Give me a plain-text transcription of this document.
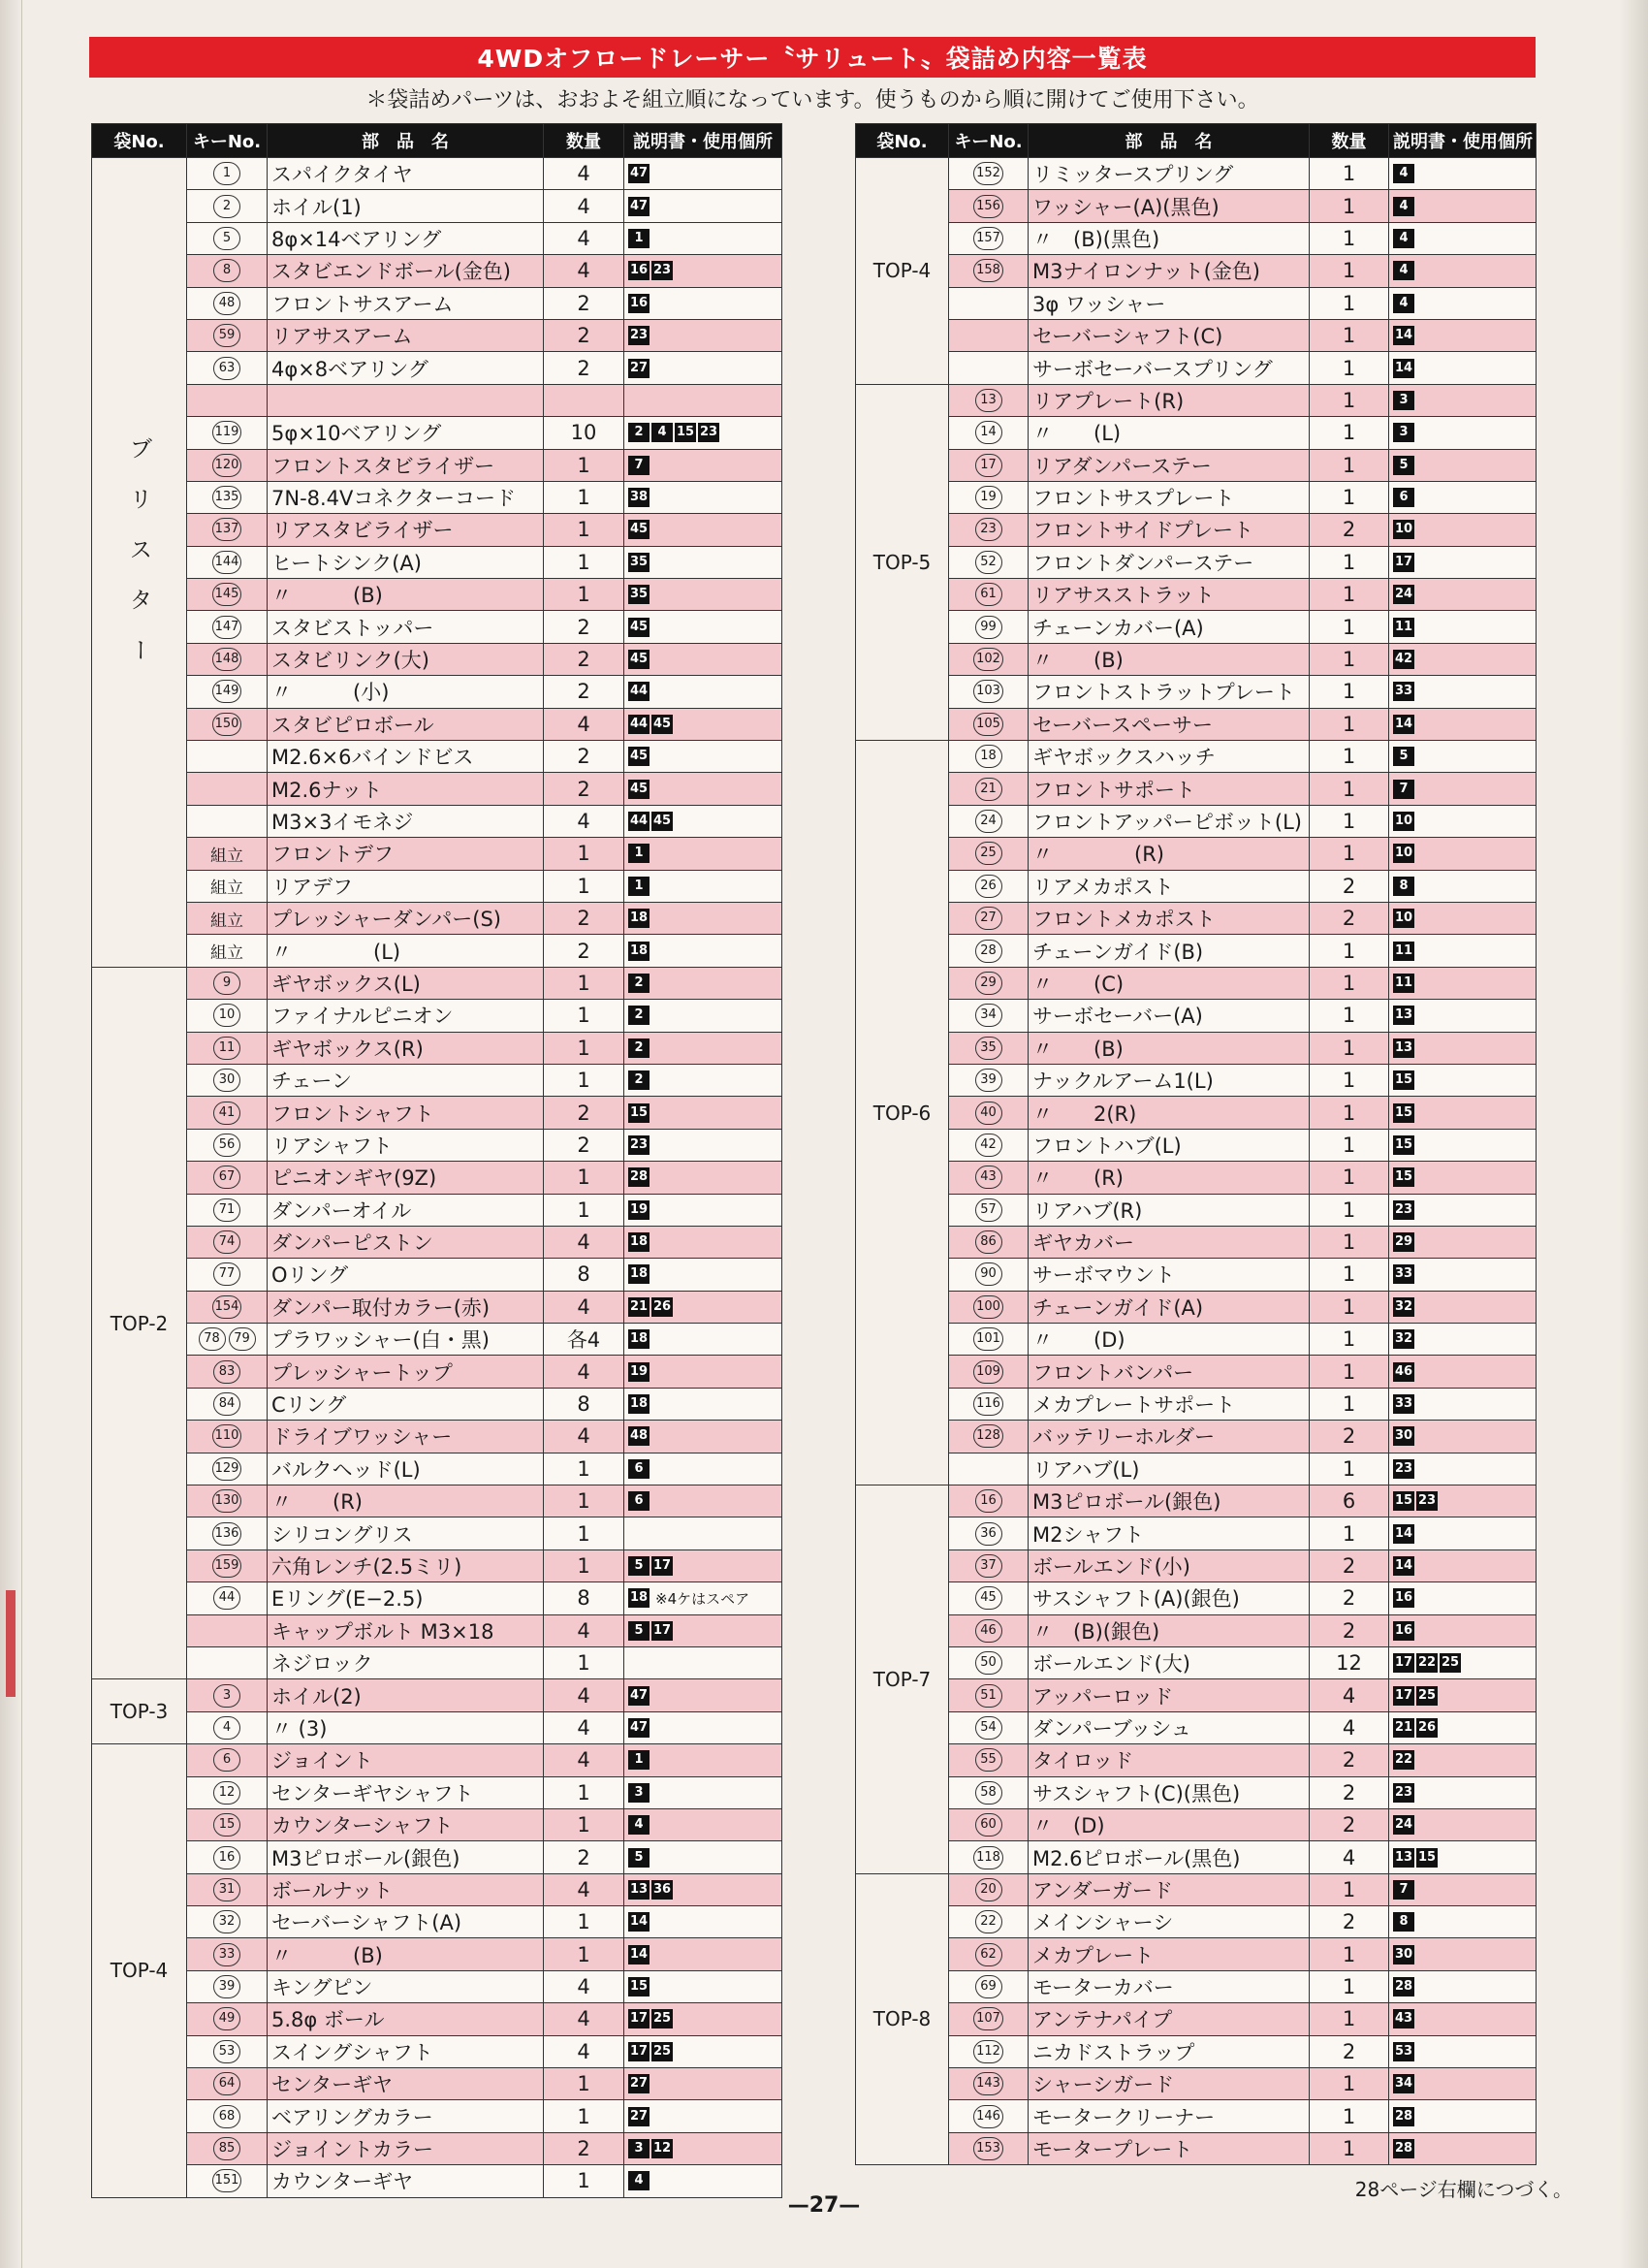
4WDオフロードレーサー〝サリュート〟袋詰め内容一覧表
＊袋詰めパーツは、おおよそ組立順になっています。使うものから順に開けてご使用下さい。
袋No.	キーNo.	部　品　名	数量	説明書・使用個所
ブリスター	1	スパイクタイヤ	4	47

	2	ホイル(1)	4	47

	5	8φ×14ベアリング	4	1

	8	スタビエンドボール(金色)	4	16 23

	48	フロントサスアーム	2	16

	59	リアサスアーム	2	23

	63	4φ×8ベアリング	2	27

	119	5φ×10ベアリング	10	2 4 15 23

	120	フロントスタビライザー	1	7

	135	7N-8.4Vコネクターコード	1	38

	137	リアスタビライザー	1	45

	144	ヒートシンク(A)	1	35

	145	〃　　　(B)	1	35

	147	スタビストッパー	2	45

	148	スタビリンク(大)	2	45

	149	〃　　　(小)	2	44

	150	スタビピロボール	4	44 45

		M2.6×6バインドビス	2	45

		M2.6ナット	2	45

		M3×3イモネジ	4	44 45

	組立	フロントデフ	1	1

	組立	リアデフ	1	1

	組立	プレッシャーダンパー(S)	2	18

	組立	〃　　　　(L)	2	18

TOP-2	9	ギヤボックス(L)	1	2

	10	ファイナルピニオン	1	2

	11	ギヤボックス(R)	1	2

	30	チェーン	1	2

	41	フロントシャフト	2	15

	56	リアシャフト	2	23

	67	ピニオンギヤ(9Z)	1	28

	71	ダンパーオイル	1	19

	74	ダンパーピストン	4	18

	77	Oリング	8	18

	154	ダンパー取付カラー(赤)	4	21 26

	78 79	プラワッシャー(白・黒)	各4	18

	83	プレッシャートップ	4	19

	84	Cリング	8	18

	110	ドライブワッシャー	4	48

	129	バルクヘッド(L)	1	6

	130	〃　　(R)	1	6

	136	シリコングリス	1	

	159	六角レンチ(2.5ミリ)	1	5 17

	44	Eリング(E−2.5)	8	18 ※4ケはスペア

		キャップボルト M3×18	4	5 17

		ネジロック	1	

TOP-3	3	ホイル(2)	4	47

	4	〃 (3)	4	47

TOP-4	6	ジョイント	4	1

	12	センターギヤシャフト	1	3

	15	カウンターシャフト	1	4

	16	M3ピロボール(銀色)	2	5

	31	ボールナット	4	13 36

	32	セーバーシャフト(A)	1	14

	33	〃　　　(B)	1	14

	39	キングピン	4	15

	49	5.8φ ボール	4	17 25

	53	スイングシャフト	4	17 25

	64	センターギヤ	1	27

	68	ベアリングカラー	1	27

	85	ジョイントカラー	2	3 12

	151	カウンターギヤ	1	4
袋No.	キーNo.	部　品　名	数量	説明書・使用個所
TOP-4	152	リミッタースプリング	1	4

	156	ワッシャー(A)(黒色)	1	4

	157	〃　(B)(黒色)	1	4

	158	M3ナイロンナット(金色)	1	4

		3φ ワッシャー	1	4

		セーバーシャフト(C)	1	14

		サーボセーバースプリング	1	14

TOP-5	13	リアプレート(R)	1	3

	14	〃　　(L)	1	3

	17	リアダンパーステー	1	5

	19	フロントサスプレート	1	6

	23	フロントサイドプレート	2	10

	52	フロントダンパーステー	1	17

	61	リアサスストラット	1	24

	99	チェーンカバー(A)	1	11

	102	〃　　(B)	1	42

	103	フロントストラットプレート	1	33

	105	セーバースペーサー	1	14

TOP-6	18	ギヤボックスハッチ	1	5

	21	フロントサポート	1	7

	24	フロントアッパーピボット(L)	1	10

	25	〃　　　　(R)	1	10

	26	リアメカポスト	2	8

	27	フロントメカポスト	2	10

	28	チェーンガイド(B)	1	11

	29	〃　　(C)	1	11

	34	サーボセーバー(A)	1	13

	35	〃　　(B)	1	13

	39	ナックルアーム1(L)	1	15

	40	〃　　2(R)	1	15

	42	フロントハブ(L)	1	15

	43	〃　　(R)	1	15

	57	リアハブ(R)	1	23

	86	ギヤカバー	1	29

	90	サーボマウント	1	33

	100	チェーンガイド(A)	1	32

	101	〃　　(D)	1	32

	109	フロントバンパー	1	46

	116	メカプレートサポート	1	33

	128	バッテリーホルダー	2	30

		リアハブ(L)	1	23

TOP-7	16	M3ピロボール(銀色)	6	15 23

	36	M2シャフト	1	14

	37	ボールエンド(小)	2	14

	45	サスシャフト(A)(銀色)	2	16

	46	〃　(B)(銀色)	2	16

	50	ボールエンド(大)	12	17 22 25

	51	アッパーロッド	4	17 25

	54	ダンパーブッシュ	4	21 26

	55	タイロッド	2	22

	58	サスシャフト(C)(黒色)	2	23

	60	〃　(D)	2	24

	118	M2.6ピロボール(黒色)	4	13 15

TOP-8	20	アンダーガード	1	7

	22	メインシャーシ	2	8

	62	メカプレート	1	30

	69	モーターカバー	1	28

	107	アンテナパイプ	1	43

	112	ニカドストラップ	2	53

	143	シャーシガード	1	34

	146	モータークリーナー	1	28

	153	モータープレート	1	28
28ページ右欄につづく。
—27—
